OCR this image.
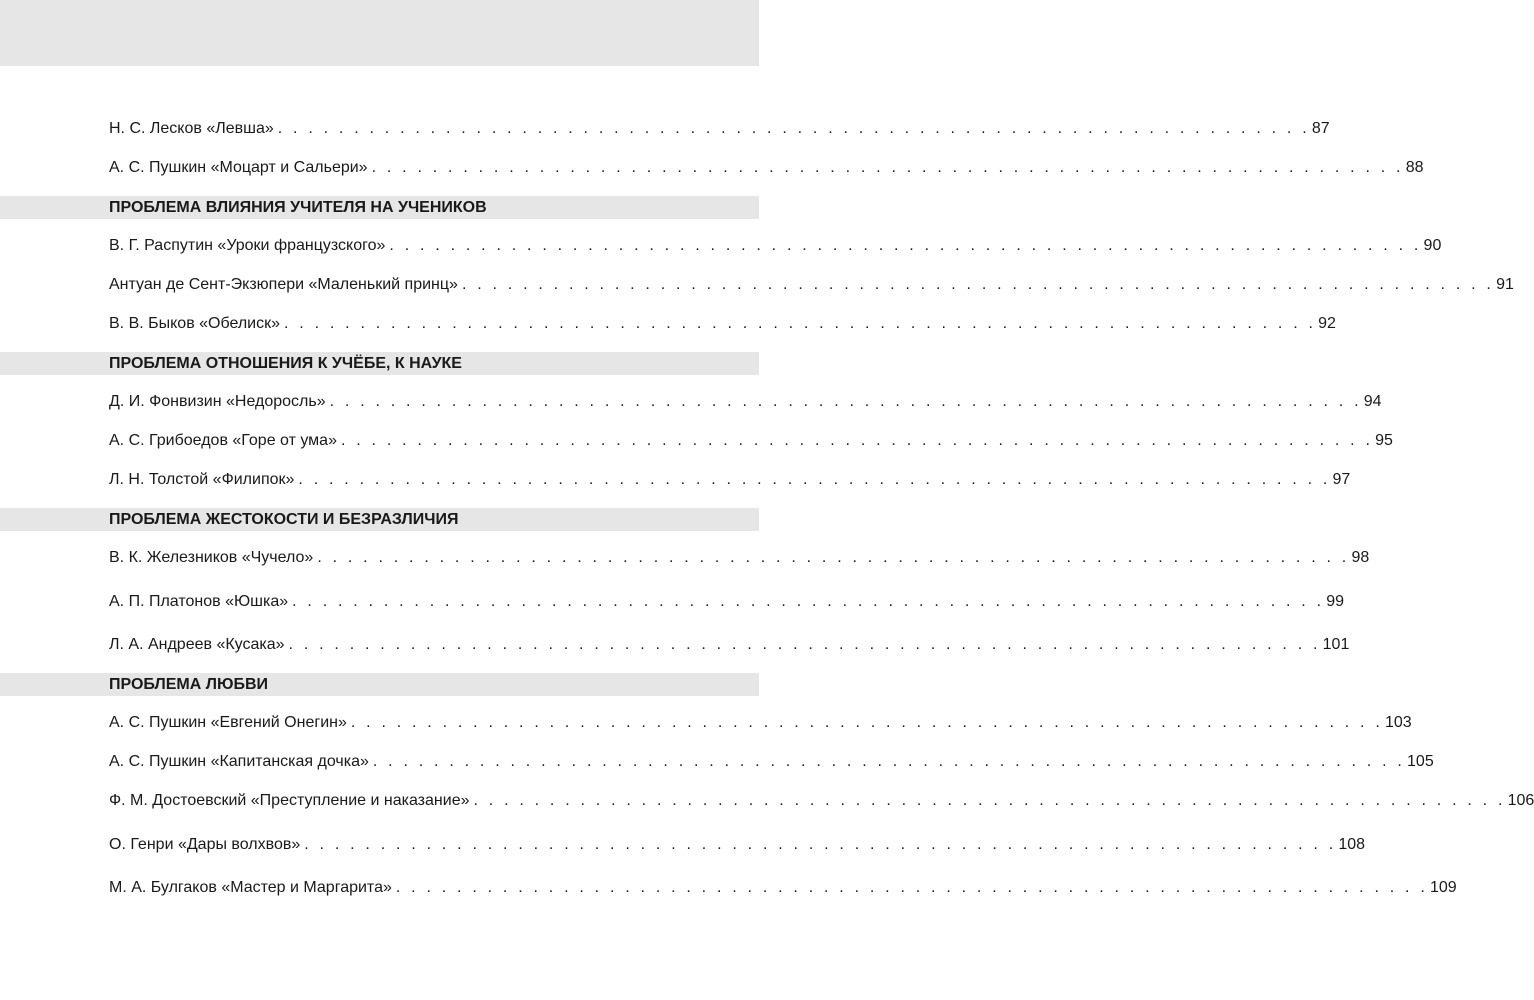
Н. С. Лесков «Левша» . . . . . . . . . . . . . . . . . . . . . . . . . . . . . . . . . . . . . . . . . . . . . . . . . . . . . . . . . . . . . . . . . . . . 87
А. С. Пушкин «Моцарт и Сальери» . . . . . . . . . . . . . . . . . . . . . . . . . . . . . . . . . . . . . . . . . . . . . . . . . . . . . . . . . . . . . . . . . . . . 88
ПРОБЛЕМА ВЛИЯНИЯ УЧИТЕЛЯ НА УЧЕНИКОВ
В. Г. Распутин «Уроки французского» . . . . . . . . . . . . . . . . . . . . . . . . . . . . . . . . . . . . . . . . . . . . . . . . . . . . . . . . . . . . . . . . . . . . 90
Антуан де Сент-Экзюпери «Маленький принц» . . . . . . . . . . . . . . . . . . . . . . . . . . . . . . . . . . . . . . . . . . . . . . . . . . . . . . . . . . . . . . . . . . . . 91
В. В. Быков «Обелиск» . . . . . . . . . . . . . . . . . . . . . . . . . . . . . . . . . . . . . . . . . . . . . . . . . . . . . . . . . . . . . . . . . . . . 92
ПРОБЛЕМА ОТНОШЕНИЯ К УЧЁБЕ, К НАУКЕ
Д. И. Фонвизин «Недоросль» . . . . . . . . . . . . . . . . . . . . . . . . . . . . . . . . . . . . . . . . . . . . . . . . . . . . . . . . . . . . . . . . . . . . 94
А. С. Грибоедов «Горе от ума» . . . . . . . . . . . . . . . . . . . . . . . . . . . . . . . . . . . . . . . . . . . . . . . . . . . . . . . . . . . . . . . . . . . . 95
Л. Н. Толстой «Филипок» . . . . . . . . . . . . . . . . . . . . . . . . . . . . . . . . . . . . . . . . . . . . . . . . . . . . . . . . . . . . . . . . . . . . 97
ПРОБЛЕМА ЖЕСТОКОСТИ И БЕЗРАЗЛИЧИЯ
В. К. Железников «Чучело» . . . . . . . . . . . . . . . . . . . . . . . . . . . . . . . . . . . . . . . . . . . . . . . . . . . . . . . . . . . . . . . . . . . . 98
А. П. Платонов «Юшка» . . . . . . . . . . . . . . . . . . . . . . . . . . . . . . . . . . . . . . . . . . . . . . . . . . . . . . . . . . . . . . . . . . . . 99
Л. А. Андреев «Кусака» . . . . . . . . . . . . . . . . . . . . . . . . . . . . . . . . . . . . . . . . . . . . . . . . . . . . . . . . . . . . . . . . . . . . 101
ПРОБЛЕМА ЛЮБВИ
А. С. Пушкин «Евгений Онегин» . . . . . . . . . . . . . . . . . . . . . . . . . . . . . . . . . . . . . . . . . . . . . . . . . . . . . . . . . . . . . . . . . . . . 103
А. С. Пушкин «Капитанская дочка» . . . . . . . . . . . . . . . . . . . . . . . . . . . . . . . . . . . . . . . . . . . . . . . . . . . . . . . . . . . . . . . . . . . . 105
Ф. М. Достоевский «Преступление и наказание» . . . . . . . . . . . . . . . . . . . . . . . . . . . . . . . . . . . . . . . . . . . . . . . . . . . . . . . . . . . . . . . . . . . . 106
О. Генри «Дары волхвов» . . . . . . . . . . . . . . . . . . . . . . . . . . . . . . . . . . . . . . . . . . . . . . . . . . . . . . . . . . . . . . . . . . . . 108
М. А. Булгаков «Мастер и Маргарита» . . . . . . . . . . . . . . . . . . . . . . . . . . . . . . . . . . . . . . . . . . . . . . . . . . . . . . . . . . . . . . . . . . . . 109
